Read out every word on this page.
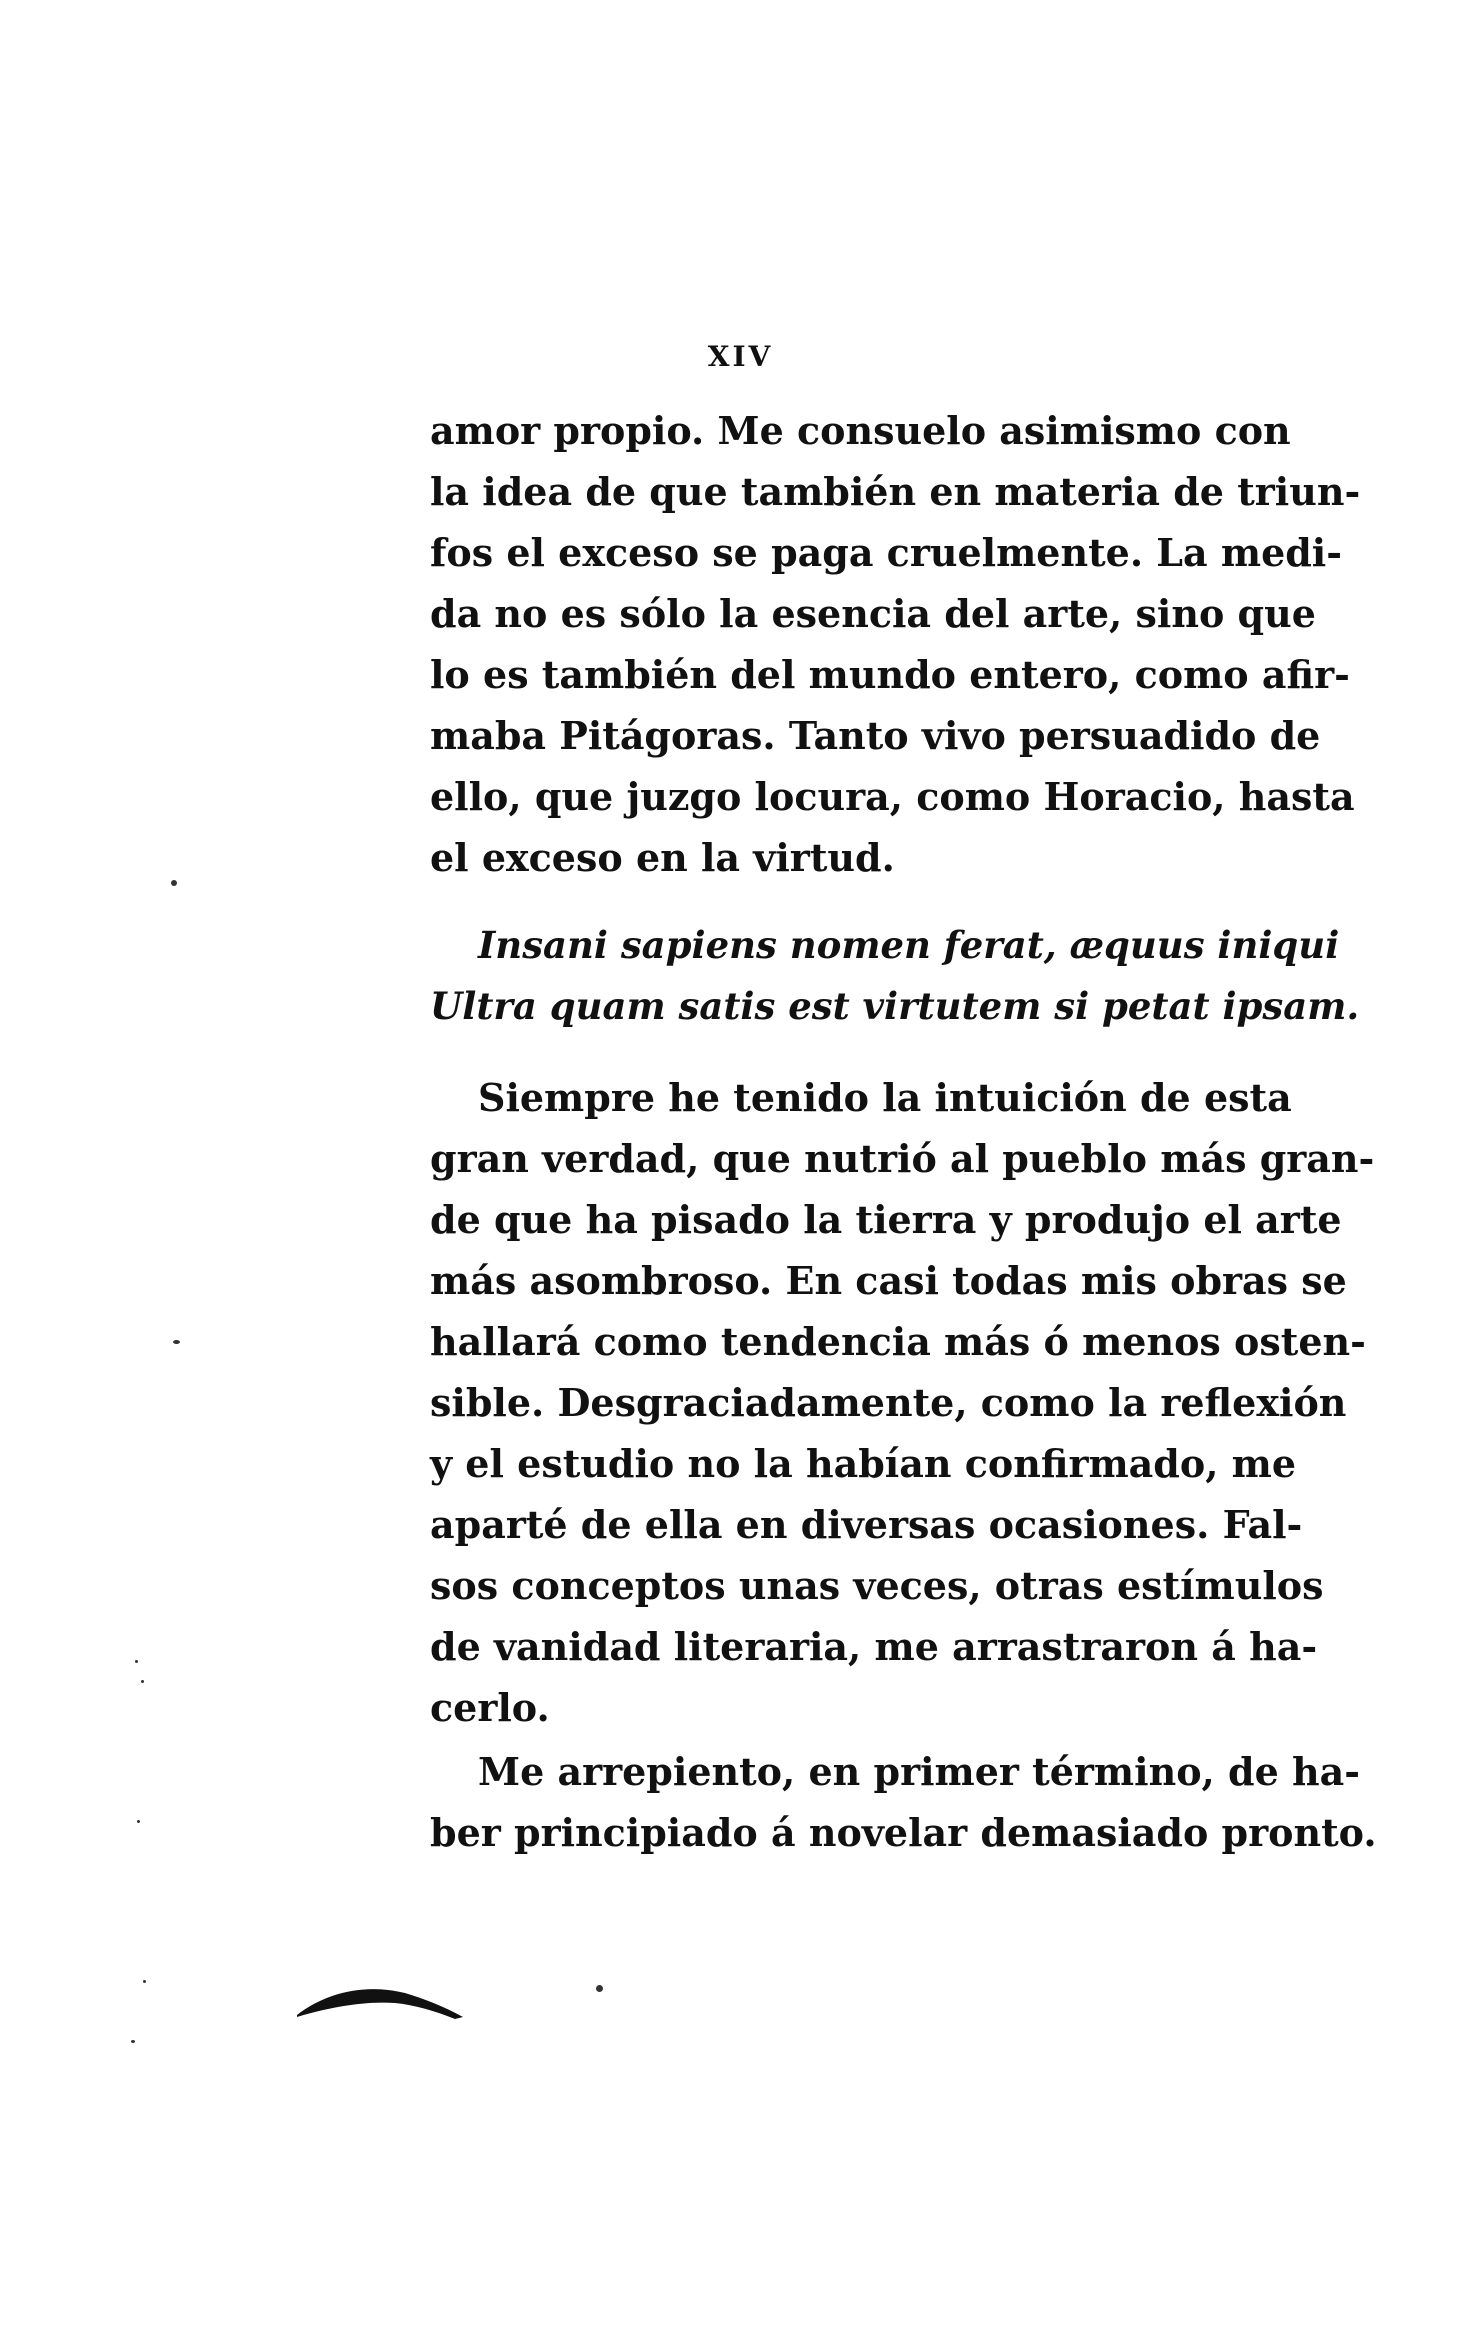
XIV
amor propio. Me consuelo asimismo con
la idea de que también en materia de triun-
fos el exceso se paga cruelmente. La medi-
da no es sólo la esencia del arte, sino que
lo es también del mundo entero, como afir-
maba Pitágoras. Tanto vivo persuadido de
ello, que juzgo locura, como Horacio, hasta
el exceso en la virtud.
Insani sapiens nomen ferat, æquus iniqui
Ultra quam satis est virtutem si petat ipsam.
Siempre he tenido la intuición de esta
gran verdad, que nutrió al pueblo más gran-
de que ha pisado la tierra y produjo el arte
más asombroso. En casi todas mis obras se
hallará como tendencia más ó menos osten-
sible. Desgraciadamente, como la reflexión
y el estudio no la habían confirmado, me
aparté de ella en diversas ocasiones. Fal-
sos conceptos unas veces, otras estímulos
de vanidad literaria, me arrastraron á ha-
cerlo.
Me arrepiento, en primer término, de ha-
ber principiado á novelar demasiado pronto.
